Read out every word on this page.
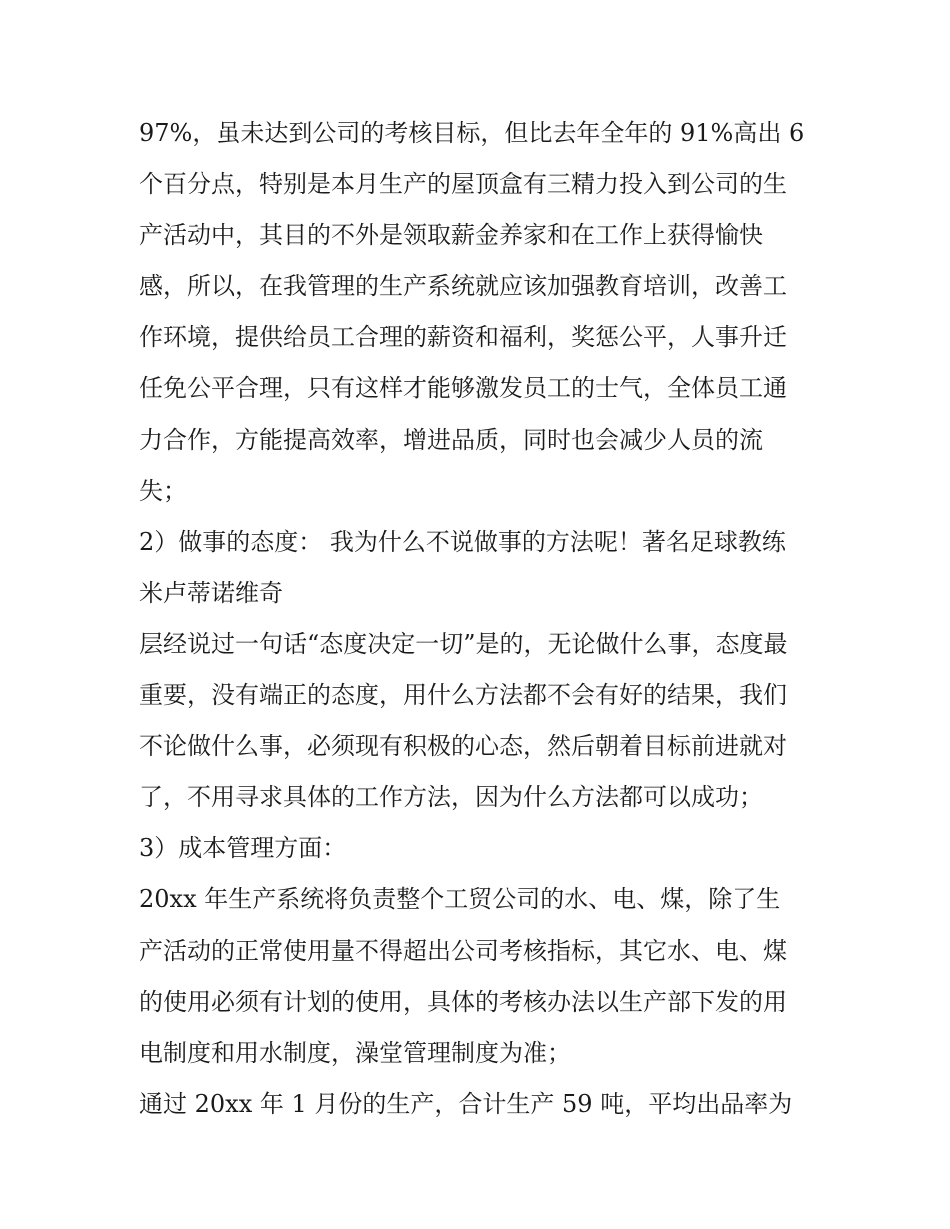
97%，虽未达到公司的考核目标，但比去年全年的 91%高出 6
个百分点，特别是本月生产的屋顶盒有三精力投入到公司的生
产活动中，其目的不外是领取薪金养家和在工作上获得愉快
感，所以，在我管理的生产系统就应该加强教育培训，改善工
作环境，提供给员工合理的薪资和福利，奖惩公平，人事升迁
任免公平合理，只有这样才能够激发员工的士气，全体员工通
力合作，方能提高效率，增进品质，同时也会减少人员的流
失；
2）做事的态度： 我为什么不说做事的方法呢！著名足球教练
米卢蒂诺维奇
层经说过一句话“态度决定一切”是的，无论做什么事，态度最
重要，没有端正的态度，用什么方法都不会有好的结果，我们
不论做什么事，必须现有积极的心态，然后朝着目标前进就对
了，不用寻求具体的工作方法，因为什么方法都可以成功；
3）成本管理方面：
20xx 年生产系统将负责整个工贸公司的水、电、煤，除了生
产活动的正常使用量不得超出公司考核指标，其它水、电、煤
的使用必须有计划的使用，具体的考核办法以生产部下发的用
电制度和用水制度，澡堂管理制度为准；
通过 20xx 年 1 月份的生产，合计生产 59 吨，平均出品率为
